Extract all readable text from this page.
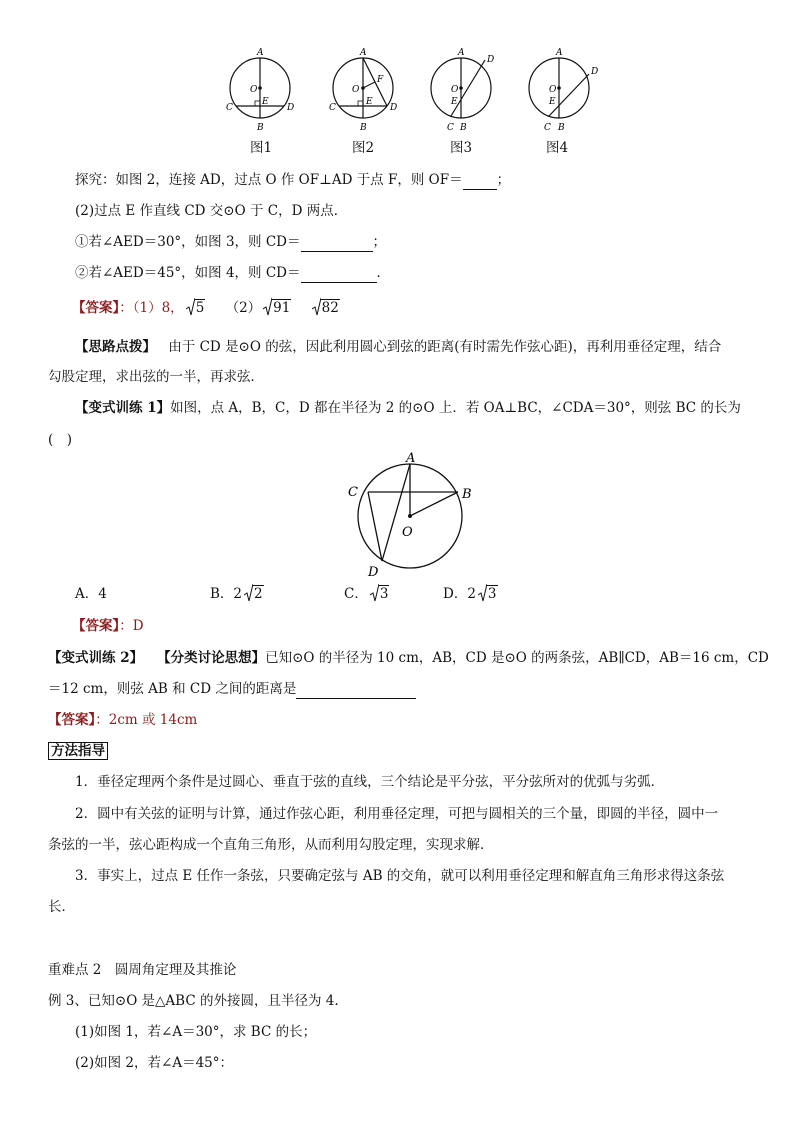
A
B
C	D
O
E
A
B
C	D
O
E
F
A
B
C
D
O
E
A
B
C
D
O
E
图1	图2	图3	图4
探究：如图 2，连接 AD，过点 O 作 OF⊥AD 于点 F，则 OF＝	；
(2)过点 E 作直线 CD 交⊙O 于 C，D 两点．
①若∠AED＝30°，如图 3，则 CD＝	；
②若∠AED＝45°，如图 4，则 CD＝	．
【答案】：（1）8， 5 （2） 91 82
【思路点拨】 由于 CD 是⊙O 的弦，因此利用圆心到弦的距离(有时需先作弦心距)，再利用垂径定理，结合
勾股定理，求出弦的一半，再求弦．
【变式训练 1】如图，点 A，B，C，D 都在半径为 2 的⊙O 上．若 OA⊥BC，∠CDA＝30°，则弦 BC 的长为
(　)
A
B
C
D
O
A．4	B．2 2	C． 3	D．2 3
【答案】：D
【变式训练 2】 【分类讨论思想】已知⊙O 的半径为 10 cm，AB，CD 是⊙O 的两条弦，AB∥CD，AB＝16 cm，CD
＝12 cm，则弦 AB 和 CD 之间的距离是
【答案】：2cm 或 14cm
方法指导
1．垂径定理两个条件是过圆心、垂直于弦的直线，三个结论是平分弦，平分弦所对的优弧与劣弧．
2．圆中有关弦的证明与计算，通过作弦心距，利用垂径定理，可把与圆相关的三个量，即圆的半径，圆中一
条弦的一半，弦心距构成一个直角三角形，从而利用勾股定理，实现求解．
3．事实上，过点 E 任作一条弦，只要确定弦与 AB 的交角，就可以利用垂径定理和解直角三角形求得这条弦
长．
重难点 2　圆周角定理及其推论
例 3、已知⊙O 是△ABC 的外接圆，且半径为 4.
(1)如图 1，若∠A＝30°，求 BC 的长；
(2)如图 2，若∠A＝45°：
